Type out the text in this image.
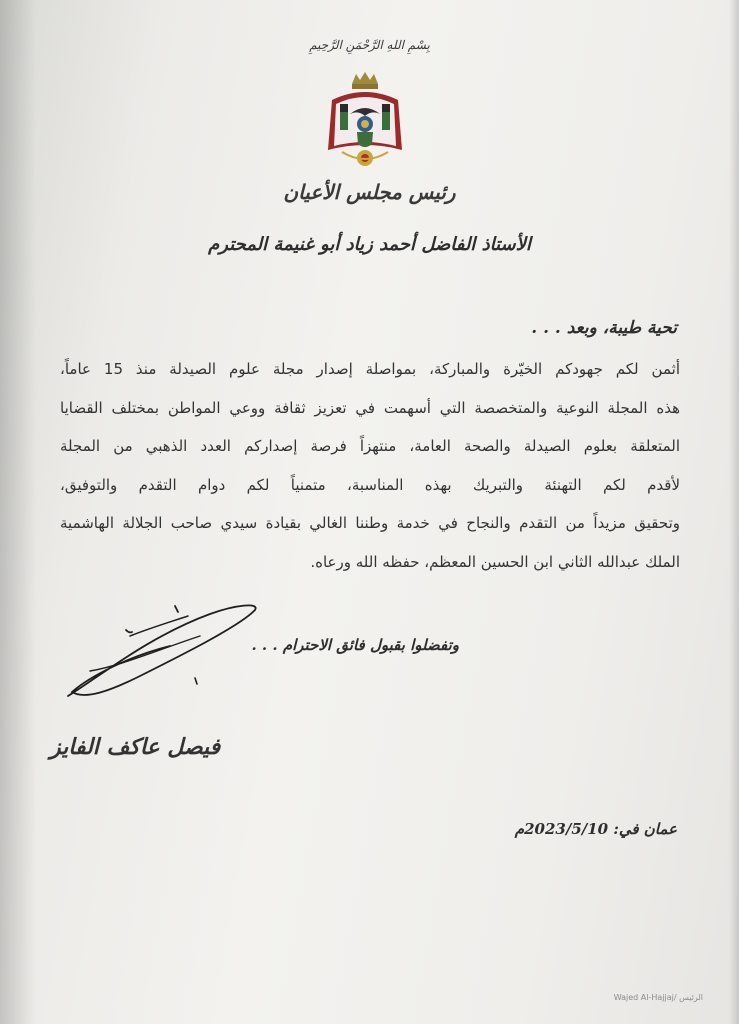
بِسْمِ اللهِ الرَّحْمَنِ الرَّحِيمِ
رئيس مجلس الأعيان
الأستاذ الفاضل أحمد زياد أبو غنيمة المحترم
تحية طيبة، وبعد . . .
أثمن لكم جهودكم الخيّرة والمباركة، بمواصلة إصدار مجلة علوم الصيدلة منذ 15 عاماً،
هذه المجلة النوعية والمتخصصة التي أسهمت في تعزيز ثقافة ووعي المواطن بمختلف القضايا
المتعلقة بعلوم الصيدلة والصحة العامة، منتهزاً فرصة إصداركم العدد الذهبي من المجلة
لأقدم لكم التهنئة والتبريك بهذه المناسبة، متمنياً لكم دوام التقدم والتوفيق،
وتحقيق مزيداً من التقدم والنجاح في خدمة وطننا الغالي بقيادة سيدي صاحب الجلالة الهاشمية
الملك عبدالله الثاني ابن الحسين المعظم، حفظه الله ورعاه.
وتفضلوا بقبول فائق الاحترام . . .
فيصل عاكف الفايز
عمان في: 2023/5/10م
Wajed Al-Hajjaj/ الرئيس
